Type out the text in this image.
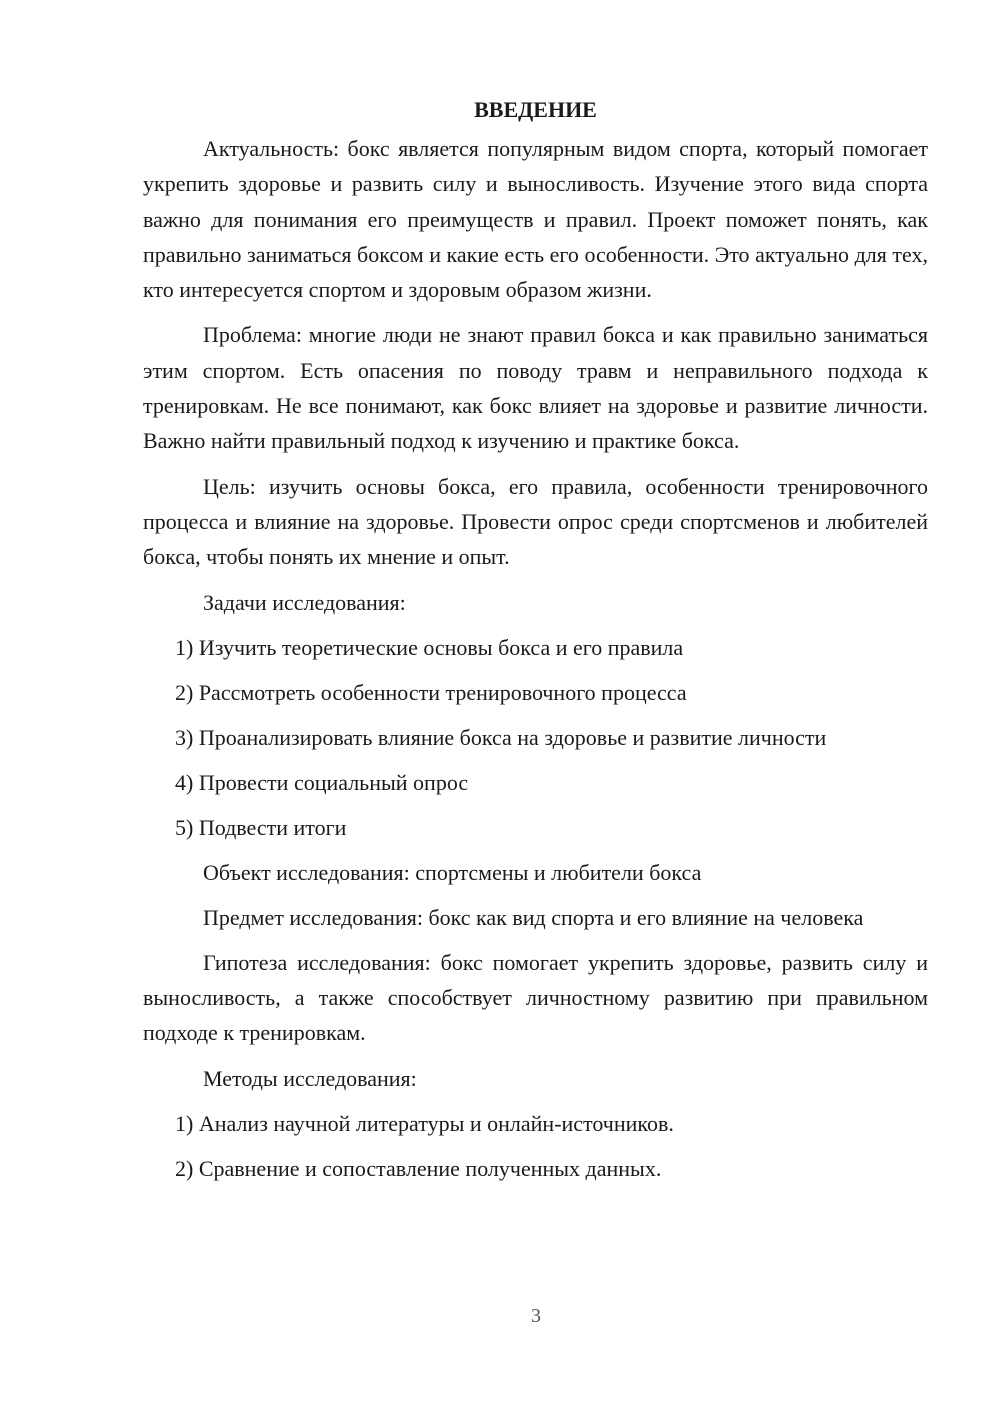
ВВЕДЕНИЕ

Актуальность: бокс является популярным видом спорта, который помогает укрепить здоровье и развить силу и выносливость. Изучение этого вида спорта важно для понимания его преимуществ и правил. Проект поможет понять, как правильно заниматься боксом и какие есть его особенности. Это актуально для тех, кто интересуется спортом и здоровым образом жизни.

Проблема: многие люди не знают правил бокса и как правильно заниматься этим спортом. Есть опасения по поводу травм и неправильного подхода к тренировкам. Не все понимают, как бокс влияет на здоровье и развитие личности. Важно найти правильный подход к изучению и практике бокса.

Цель: изучить основы бокса, его правила, особенности тренировочного процесса и влияние на здоровье. Провести опрос среди спортсменов и любителей бокса, чтобы понять их мнение и опыт.

Задачи исследования:

1) Изучить теоретические основы бокса и его правила

2) Рассмотреть особенности тренировочного процесса

3) Проанализировать влияние бокса на здоровье и развитие личности

4) Провести социальный опрос

5) Подвести итоги

Объект исследования: спортсмены и любители бокса

Предмет исследования: бокс как вид спорта и его влияние на человека

Гипотеза исследования: бокс помогает укрепить здоровье, развить силу и выносливость, а также способствует личностному развитию при правильном подходе к тренировкам.

Методы исследования:

1) Анализ научной литературы и онлайн-источников.

2) Сравнение и сопоставление полученных данных.

3
